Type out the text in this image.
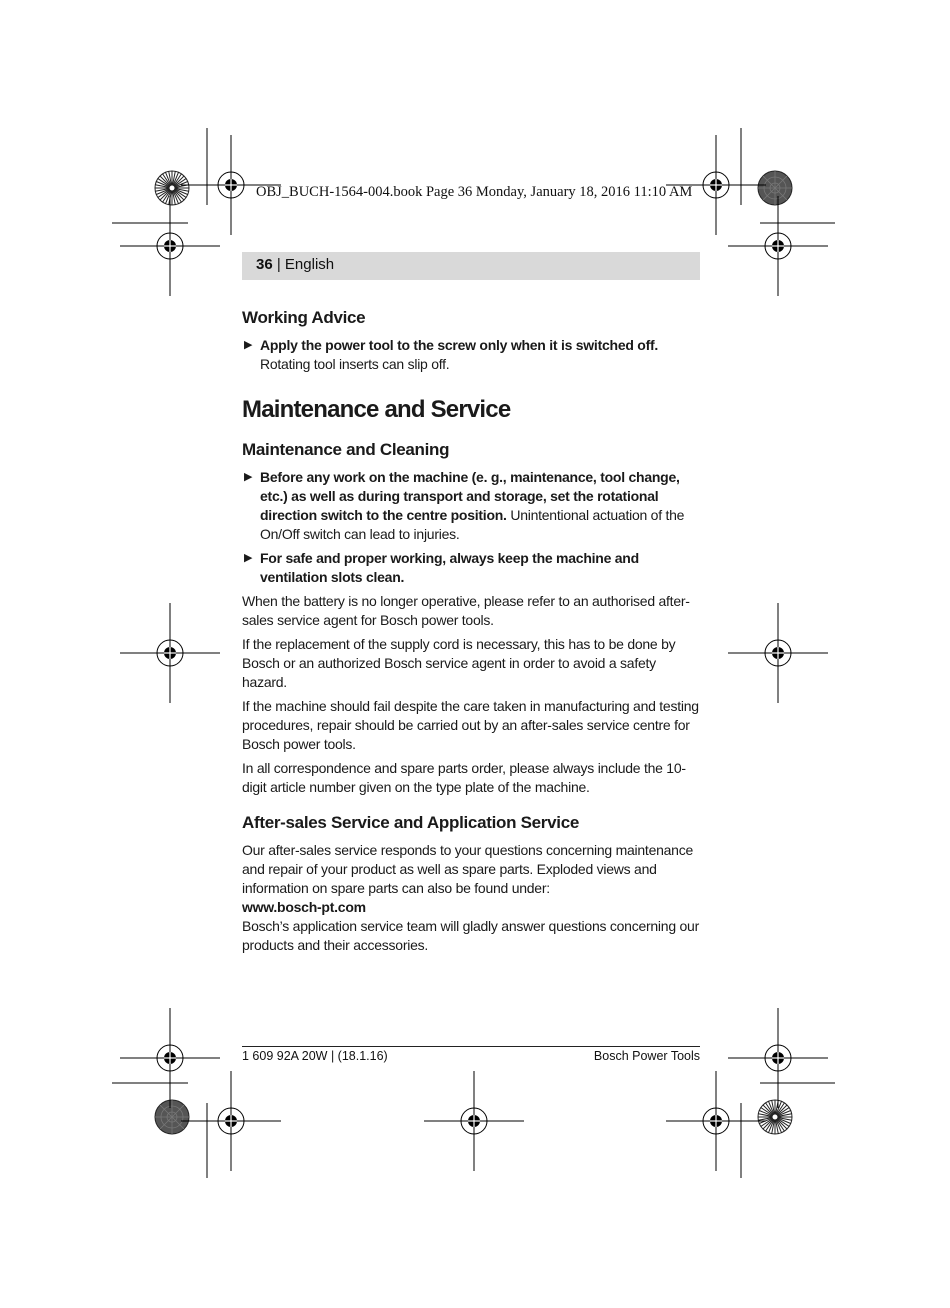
OBJ_BUCH-1564-004.book Page 36 Monday, January 18, 2016 11:10 AM
36 | English
Working Advice
▶ Apply the power tool to the screw only when it is switched off. Rotating tool inserts can slip off.
Maintenance and Service
Maintenance and Cleaning
▶ Before any work on the machine (e. g., maintenance, tool change, etc.) as well as during transport and storage, set the rotational direction switch to the centre position. Unintentional actuation of the On/Off switch can lead to injuries.
▶ For safe and proper working, always keep the machine and ventilation slots clean.

When the battery is no longer operative, please refer to an authorised after-sales service agent for Bosch power tools.

If the replacement of the supply cord is necessary, this has to be done by Bosch or an authorized Bosch service agent in order to avoid a safety hazard.

If the machine should fail despite the care taken in manufacturing and testing procedures, repair should be carried out by an after-sales service centre for Bosch power tools.

In all correspondence and spare parts order, please always include the 10-digit article number given on the type plate of the machine.

After-sales Service and Application Service
Our after-sales service responds to your questions concerning maintenance and repair of your product as well as spare parts. Exploded views and information on spare parts can also be found under:
www.bosch-pt.com
Bosch’s application service team will gladly answer questions concerning our products and their accessories.
1 609 92A 20W | (18.1.16)	Bosch Power Tools
